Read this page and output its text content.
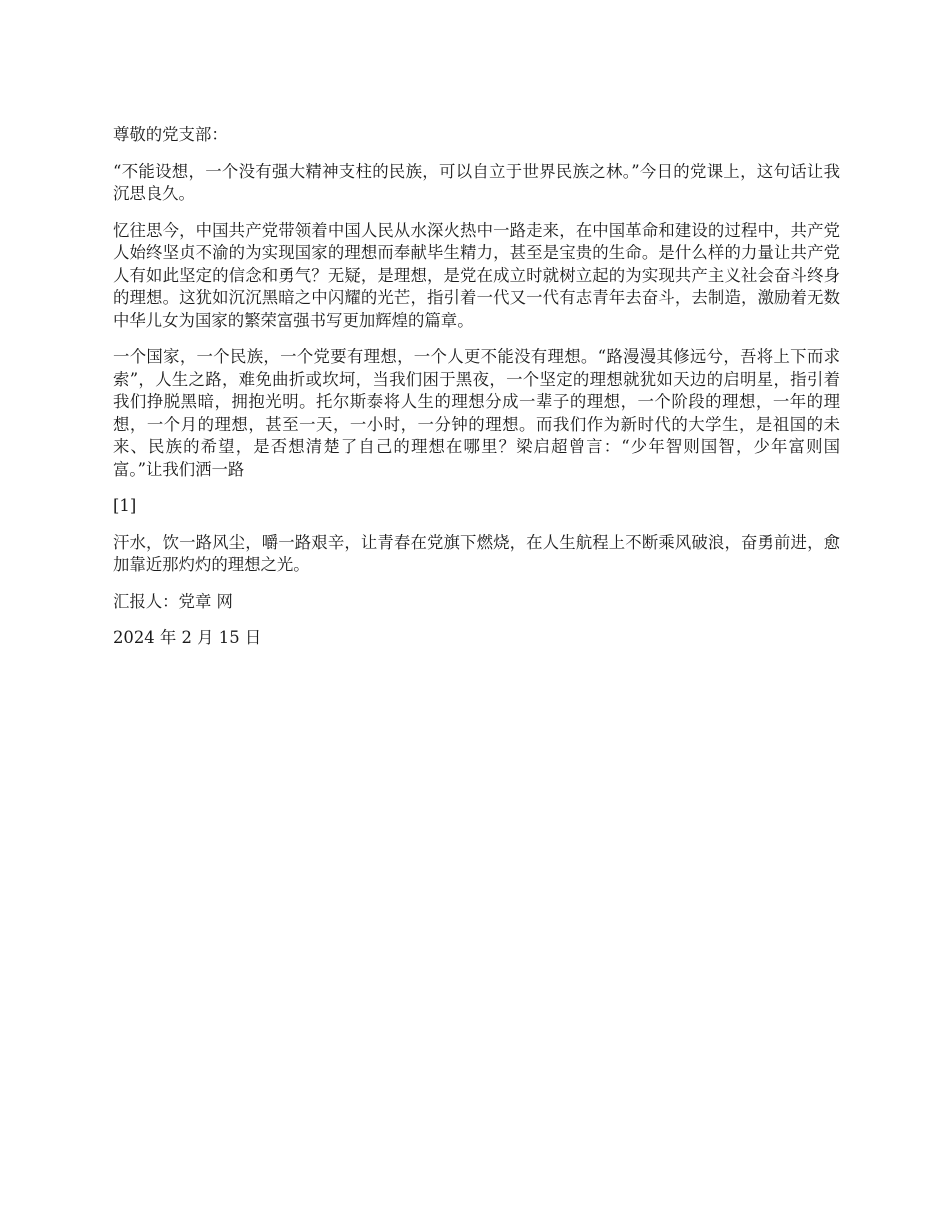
尊敬的党支部：

“不能设想，一个没有强大精神支柱的民族，可以自立于世界民族之林。”今日的党课上，这句话让我沉思良久。

忆往思今，中国共产党带领着中国人民从水深火热中一路走来，在中国革命和建设的过程中，共产党人始终坚贞不渝的为实现国家的理想而奉献毕生精力，甚至是宝贵的生命。是什么样的力量让共产党人有如此坚定的信念和勇气？无疑，是理想，是党在成立时就树立起的为实现共产主义社会奋斗终身的理想。这犹如沉沉黑暗之中闪耀的光芒，指引着一代又一代有志青年去奋斗，去制造，激励着无数中华儿女为国家的繁荣富强书写更加辉煌的篇章。

一个国家，一个民族，一个党要有理想，一个人更不能没有理想。“路漫漫其修远兮，吾将上下而求索”，人生之路，难免曲折或坎坷，当我们困于黑夜，一个坚定的理想就犹如天边的启明星，指引着我们挣脱黑暗，拥抱光明。托尔斯泰将人生的理想分成一辈子的理想，一个阶段的理想，一年的理想，一个月的理想，甚至一天，一小时，一分钟的理想。而我们作为新时代的大学生，是祖国的未来、民族的希望，是否想清楚了自己的理想在哪里？梁启超曾言：“少年智则国智，少年富则国富。”让我们洒一路

[1]

汗水，饮一路风尘，嚼一路艰辛，让青春在党旗下燃烧，在人生航程上不断乘风破浪，奋勇前进，愈加靠近那灼灼的理想之光。

汇报人：党章 网

2024 年 2 月 15 日
